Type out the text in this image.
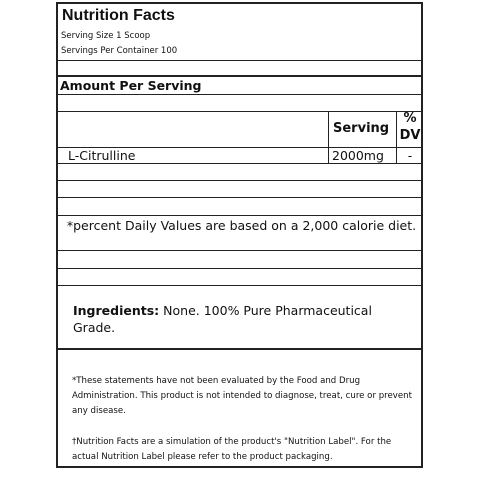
Nutrition Facts
Serving Size 1 Scoop
Servings Per Container 100
Amount Per Serving
Serving
%
DV
L-Citrulline	2000mg	-
*percent Daily Values are based on a 2,000 calorie diet.
Ingredients: None. 100% Pure Pharmaceutical Grade.
*These statements have not been evaluated by the Food and Drug Administration. This product is not intended to diagnose, treat, cure or prevent any disease.
†Nutrition Facts are a simulation of the product's "Nutrition Label". For the actual Nutrition Label please refer to the product packaging.
